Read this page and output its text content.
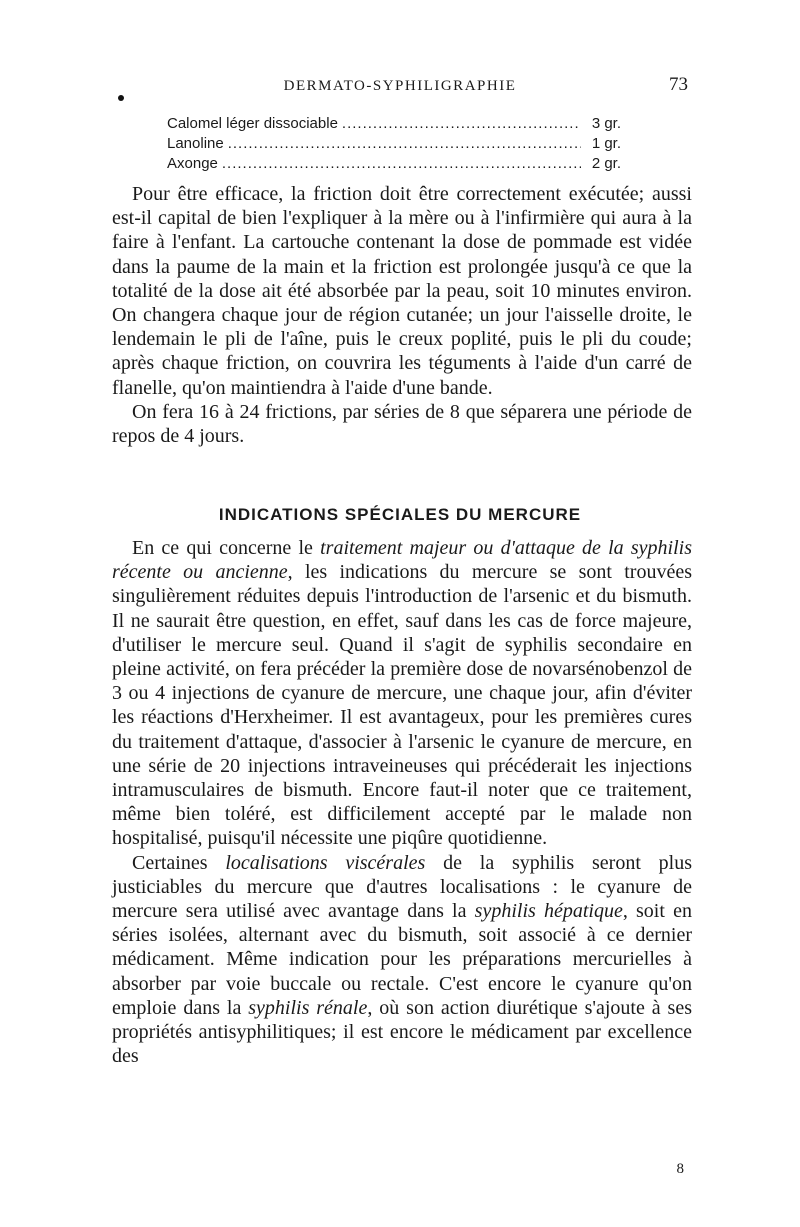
DERMATO-SYPHILIGRAPHIE	73
Calomel léger dissociable .....	3 gr.
Lanoline .....	1 gr.
Axonge .....	2 gr.

Pour être efficace, la friction doit être correctement exécutée; aussi est-il capital de bien l'expliquer à la mère ou à l'infirmière qui aura à la faire à l'enfant. La cartouche contenant la dose de pommade est vidée dans la paume de la main et la friction est prolongée jusqu'à ce que la totalité de la dose ait été absorbée par la peau, soit 10 minutes environ. On changera chaque jour de région cutanée; un jour l'aisselle droite, le lendemain le pli de l'aîne, puis le creux poplité, puis le pli du coude; après chaque friction, on couvrira les téguments à l'aide d'un carré de flanelle, qu'on maintiendra à l'aide d'une bande.

On fera 16 à 24 frictions, par séries de 8 que séparera une période de repos de 4 jours.

INDICATIONS SPÉCIALES DU MERCURE

En ce qui concerne le traitement majeur ou d'attaque de la syphilis récente ou ancienne, les indications du mercure se sont trouvées singulièrement réduites depuis l'introduction de l'arsenic et du bismuth. Il ne saurait être question, en effet, sauf dans les cas de force majeure, d'utiliser le mercure seul. Quand il s'agit de syphilis secondaire en pleine activité, on fera précéder la première dose de novarsénobenzol de 3 ou 4 injections de cyanure de mercure, une chaque jour, afin d'éviter les réactions d'Herxheimer. Il est avantageux, pour les premières cures du traitement d'attaque, d'associer à l'arsenic le cyanure de mercure, en une série de 20 injections intraveineuses qui précéderait les injections intramusculaires de bismuth. Encore faut-il noter que ce traitement, même bien toléré, est difficilement accepté par le malade non hospitalisé, puisqu'il nécessite une piqûre quotidienne.

Certaines localisations viscérales de la syphilis seront plus justiciables du mercure que d'autres localisations : le cyanure de mercure sera utilisé avec avantage dans la syphilis hépatique, soit en séries isolées, alternant avec du bismuth, soit associé à ce dernier médicament. Même indication pour les préparations mercurielles à absorber par voie buccale ou rectale. C'est encore le cyanure qu'on emploie dans la syphilis rénale, où son action diurétique s'ajoute à ses propriétés antisyphilitiques; il est encore le médicament par excellence des

8
